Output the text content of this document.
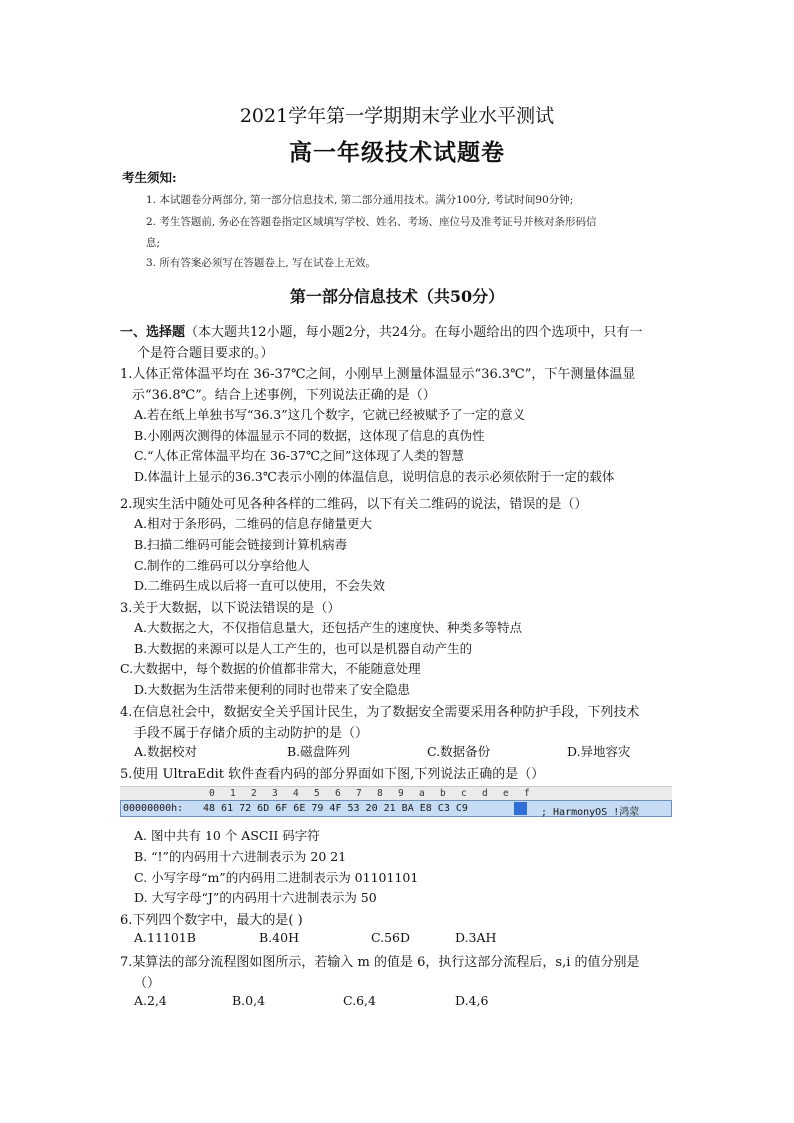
2021学年第一学期期末学业水平测试
高一年级技术试题卷
考生须知:
1. 本试题卷分两部分, 第一部分信息技术, 第二部分通用技术。满分100分, 考试时间90分钟;
2. 考生答题前, 务必在答题卷指定区域填写学校、姓名、考场、座位号及准考证号并核对条形码信
息;
3. 所有答案必须写在答题卷上, 写在试卷上无效。
第一部分信息技术（共50分）
一、选择题（本大题共12小题，每小题2分，共24分。在每小题给出的四个选项中，只有一
个是符合题目要求的。）
1.人体正常体温平均在 36-37℃之间，小刚早上测量体温显示“36.3℃”，下午测量体温显
示“36.8℃”。结合上述事例，下列说法正确的是（）
A.若在纸上单独书写“36.3”这几个数字，它就已经被赋予了一定的意义
B.小刚两次测得的体温显示不同的数据，这体现了信息的真伪性
C.“人体正常体温平均在 36-37℃之间”这体现了人类的智慧
D.体温计上显示的36.3℃表示小刚的体温信息，说明信息的表示必须依附于一定的载体
2.现实生活中随处可见各种各样的二维码，以下有关二维码的说法，错误的是（）
A.相对于条形码，二维码的信息存储量更大
B.扫描二维码可能会链接到计算机病毒
C.制作的二维码可以分享给他人
D.二维码生成以后将一直可以使用，不会失效
3.关于大数据，以下说法错误的是（）
A.大数据之大，不仅指信息量大，还包括产生的速度快、种类多等特点
B.大数据的来源可以是人工产生的，也可以是机器自动产生的
C.大数据中，每个数据的价值都非常大，不能随意处理
D.大数据为生活带来便利的同时也带来了安全隐患
4.在信息社会中，数据安全关乎国计民生，为了数据安全需要采用各种防护手段，下列技术
手段不属于存储介质的主动防护的是（）
A.数据校对	B.磁盘阵列	C.数据备份	D.异地容灾
5.使用 UltraEdit 软件查看内码的部分界面如下图,下列说法正确的是（）
0 1 2 3 4 5 6 7 8 9 a b c d e f
00000000h: 48 61 72 6D 6F 6E 79 4F 53 20 21 BA E8 C3 C9	; HarmonyOS !鸿蒙
A. 图中共有 10 个 ASCII 码字符
B. “!”的内码用十六进制表示为 20 21
C. 小写字母“m”的内码用二进制表示为 01101101
D. 大写字母“J”的内码用十六进制表示为 50
6.下列四个数字中，最大的是( )
A.11101B	B.40H	C.56D	D.3AH
7.某算法的部分流程图如图所示，若输入 m 的值是 6，执行这部分流程后，s,i 的值分别是
（）
A.2,4	B.0,4	C.6,4	D.4,6
